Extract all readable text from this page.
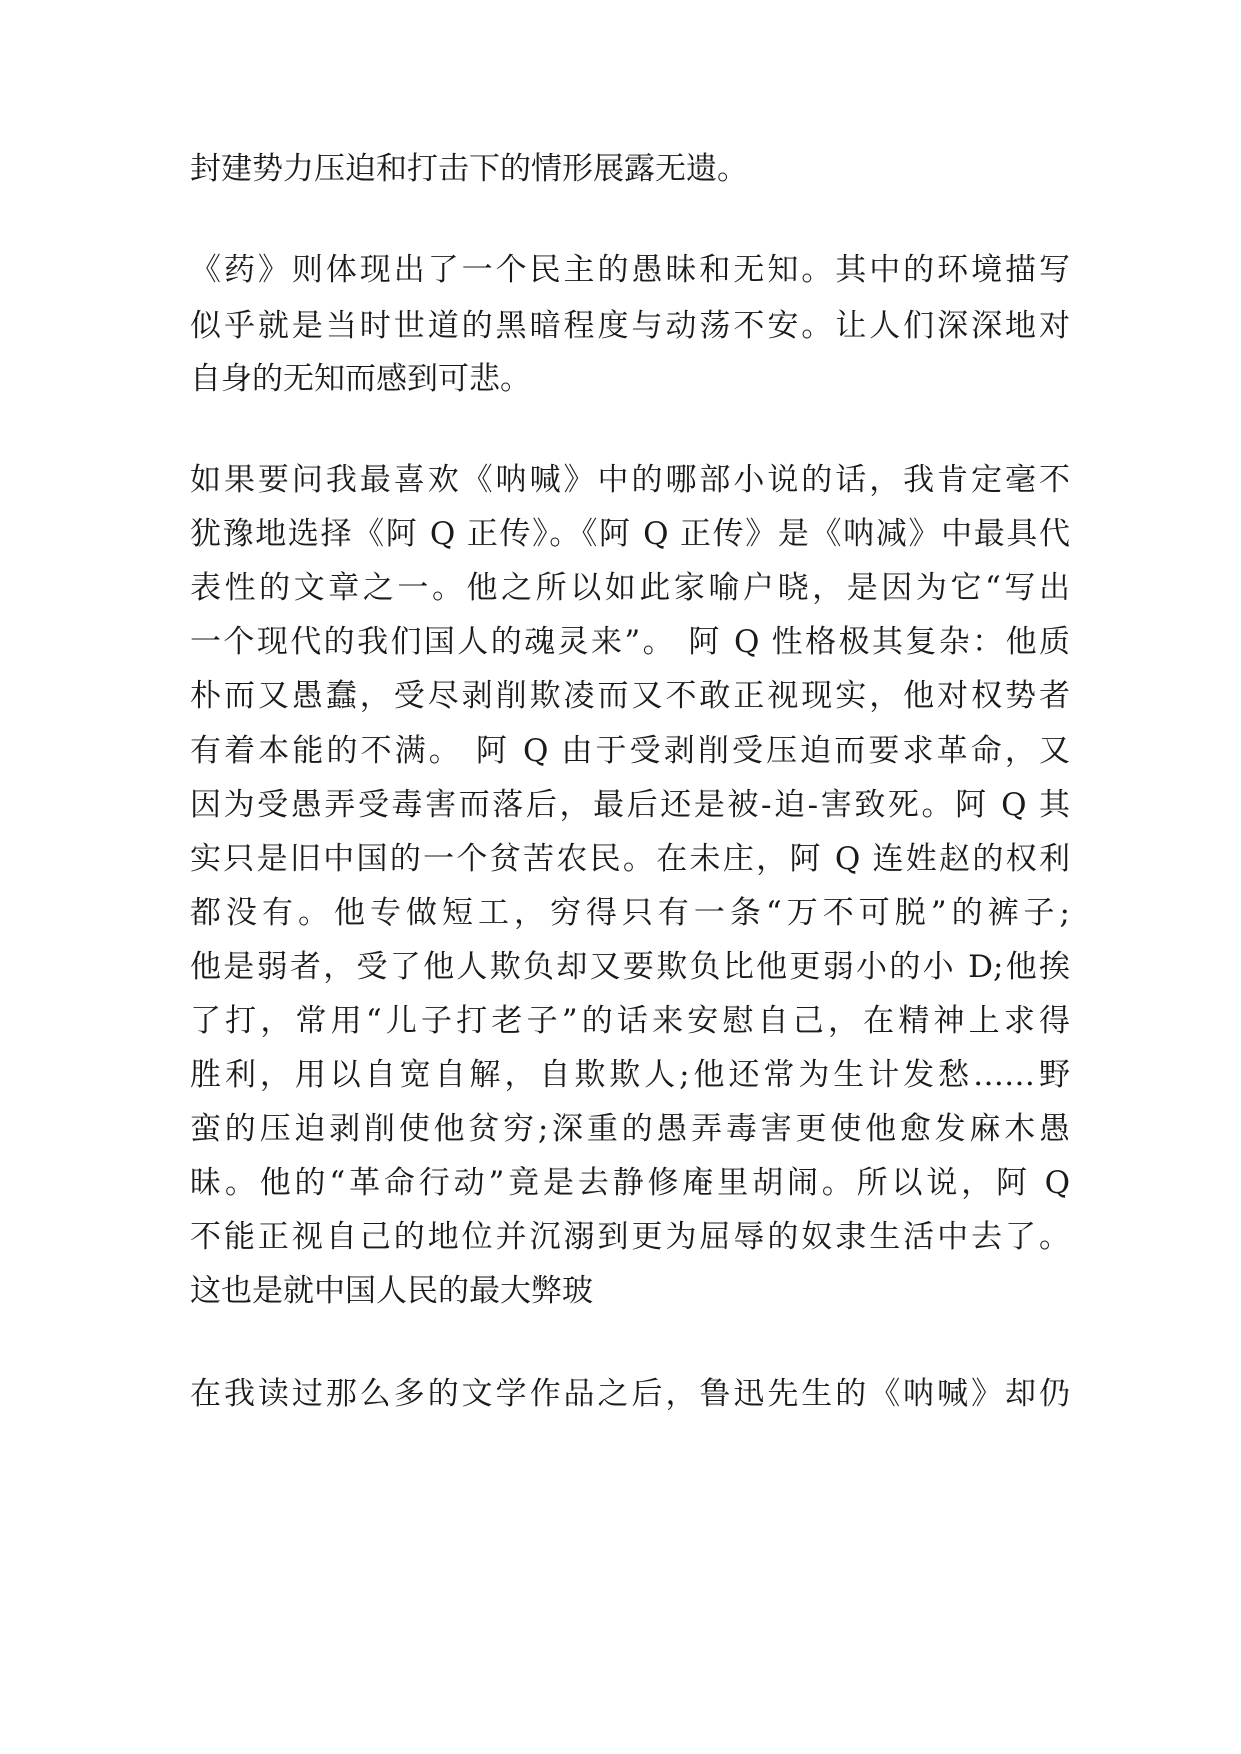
封建势力压迫和打击下的情形展露无遗。
《药》则体现出了一个民主的愚昧和无知。其中的环境描写
似乎就是当时世道的黑暗程度与动荡不安。让人们深深地对
自身的无知而感到可悲。
如果要问我最喜欢《呐喊》中的哪部小说的话，我肯定毫不
犹豫地选择《阿 Q 正传》。《阿 Q 正传》是《呐减》中最具代
表性的文章之一。他之所以如此家喻户晓，是因为它“写出
一个现代的我们国人的魂灵来”。 阿 Q 性格极其复杂：他质
朴而又愚蠢，受尽剥削欺凌而又不敢正视现实，他对权势者
有着本能的不满。 阿 Q 由于受剥削受压迫而要求革命，又
因为受愚弄受毒害而落后，最后还是被-迫-害致死。阿 Q 其
实只是旧中国的一个贫苦农民。在未庄，阿 Q 连姓赵的权利
都没有。他专做短工，穷得只有一条“万不可脱”的裤子;
他是弱者，受了他人欺负却又要欺负比他更弱小的小 D;他挨
了打，常用“儿子打老子”的话来安慰自己，在精神上求得
胜利，用以自宽自解，自欺欺人;他还常为生计发愁……野
蛮的压迫剥削使他贫穷;深重的愚弄毒害更使他愈发麻木愚
昧。他的“革命行动”竟是去静修庵里胡闹。所以说，阿 Q
不能正视自己的地位并沉溺到更为屈辱的奴隶生活中去了。
这也是就中国人民的最大弊玻
在我读过那么多的文学作品之后，鲁迅先生的《呐喊》却仍
